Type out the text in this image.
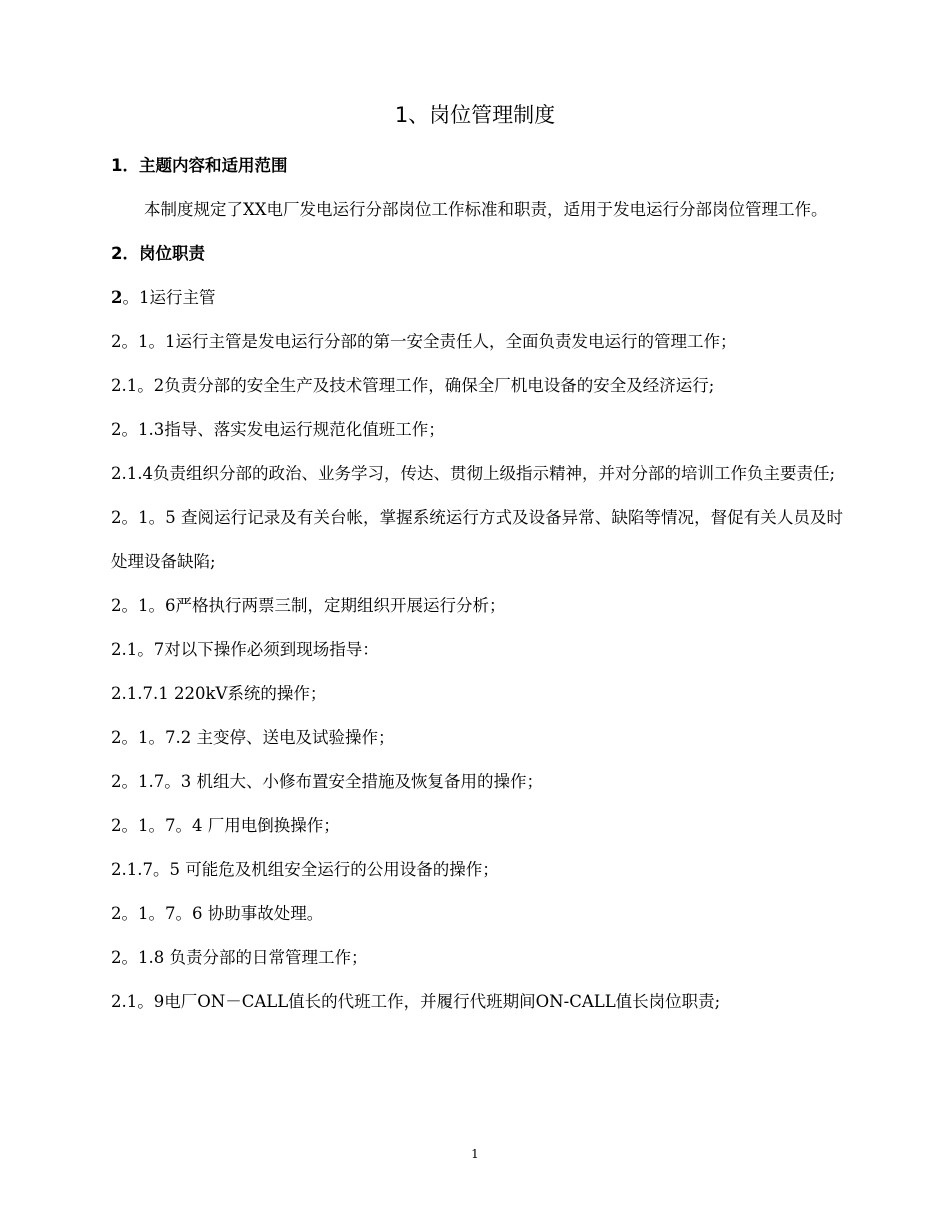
1、岗位管理制度
1．主题内容和适用范围
本制度规定了XX电厂发电运行分部岗位工作标准和职责，适用于发电运行分部岗位管理工作。
2．岗位职责
2。1运行主管
2。1。1运行主管是发电运行分部的第一安全责任人，全面负责发电运行的管理工作；
2.1。2负责分部的安全生产及技术管理工作，确保全厂机电设备的安全及经济运行;
2。1.3指导、落实发电运行规范化值班工作；
2.1.4负责组织分部的政治、业务学习，传达、贯彻上级指示精神，并对分部的培训工作负主要责任;
2。1。5 查阅运行记录及有关台帐，掌握系统运行方式及设备异常、缺陷等情况，督促有关人员及时处理设备缺陷;
2。1。6严格执行两票三制，定期组织开展运行分析；
2.1。7对以下操作必须到现场指导：
2.1.7.1 220kV系统的操作；
2。1。7.2 主变停、送电及试验操作；
2。1.7。3 机组大、小修布置安全措施及恢复备用的操作；
2。1。7。4 厂用电倒换操作；
2.1.7。5 可能危及机组安全运行的公用设备的操作；
2。1。7。6 协助事故处理。
2。1.8 负责分部的日常管理工作；
2.1。9电厂ON－CALL值长的代班工作，并履行代班期间ON-CALL值长岗位职责;
1
